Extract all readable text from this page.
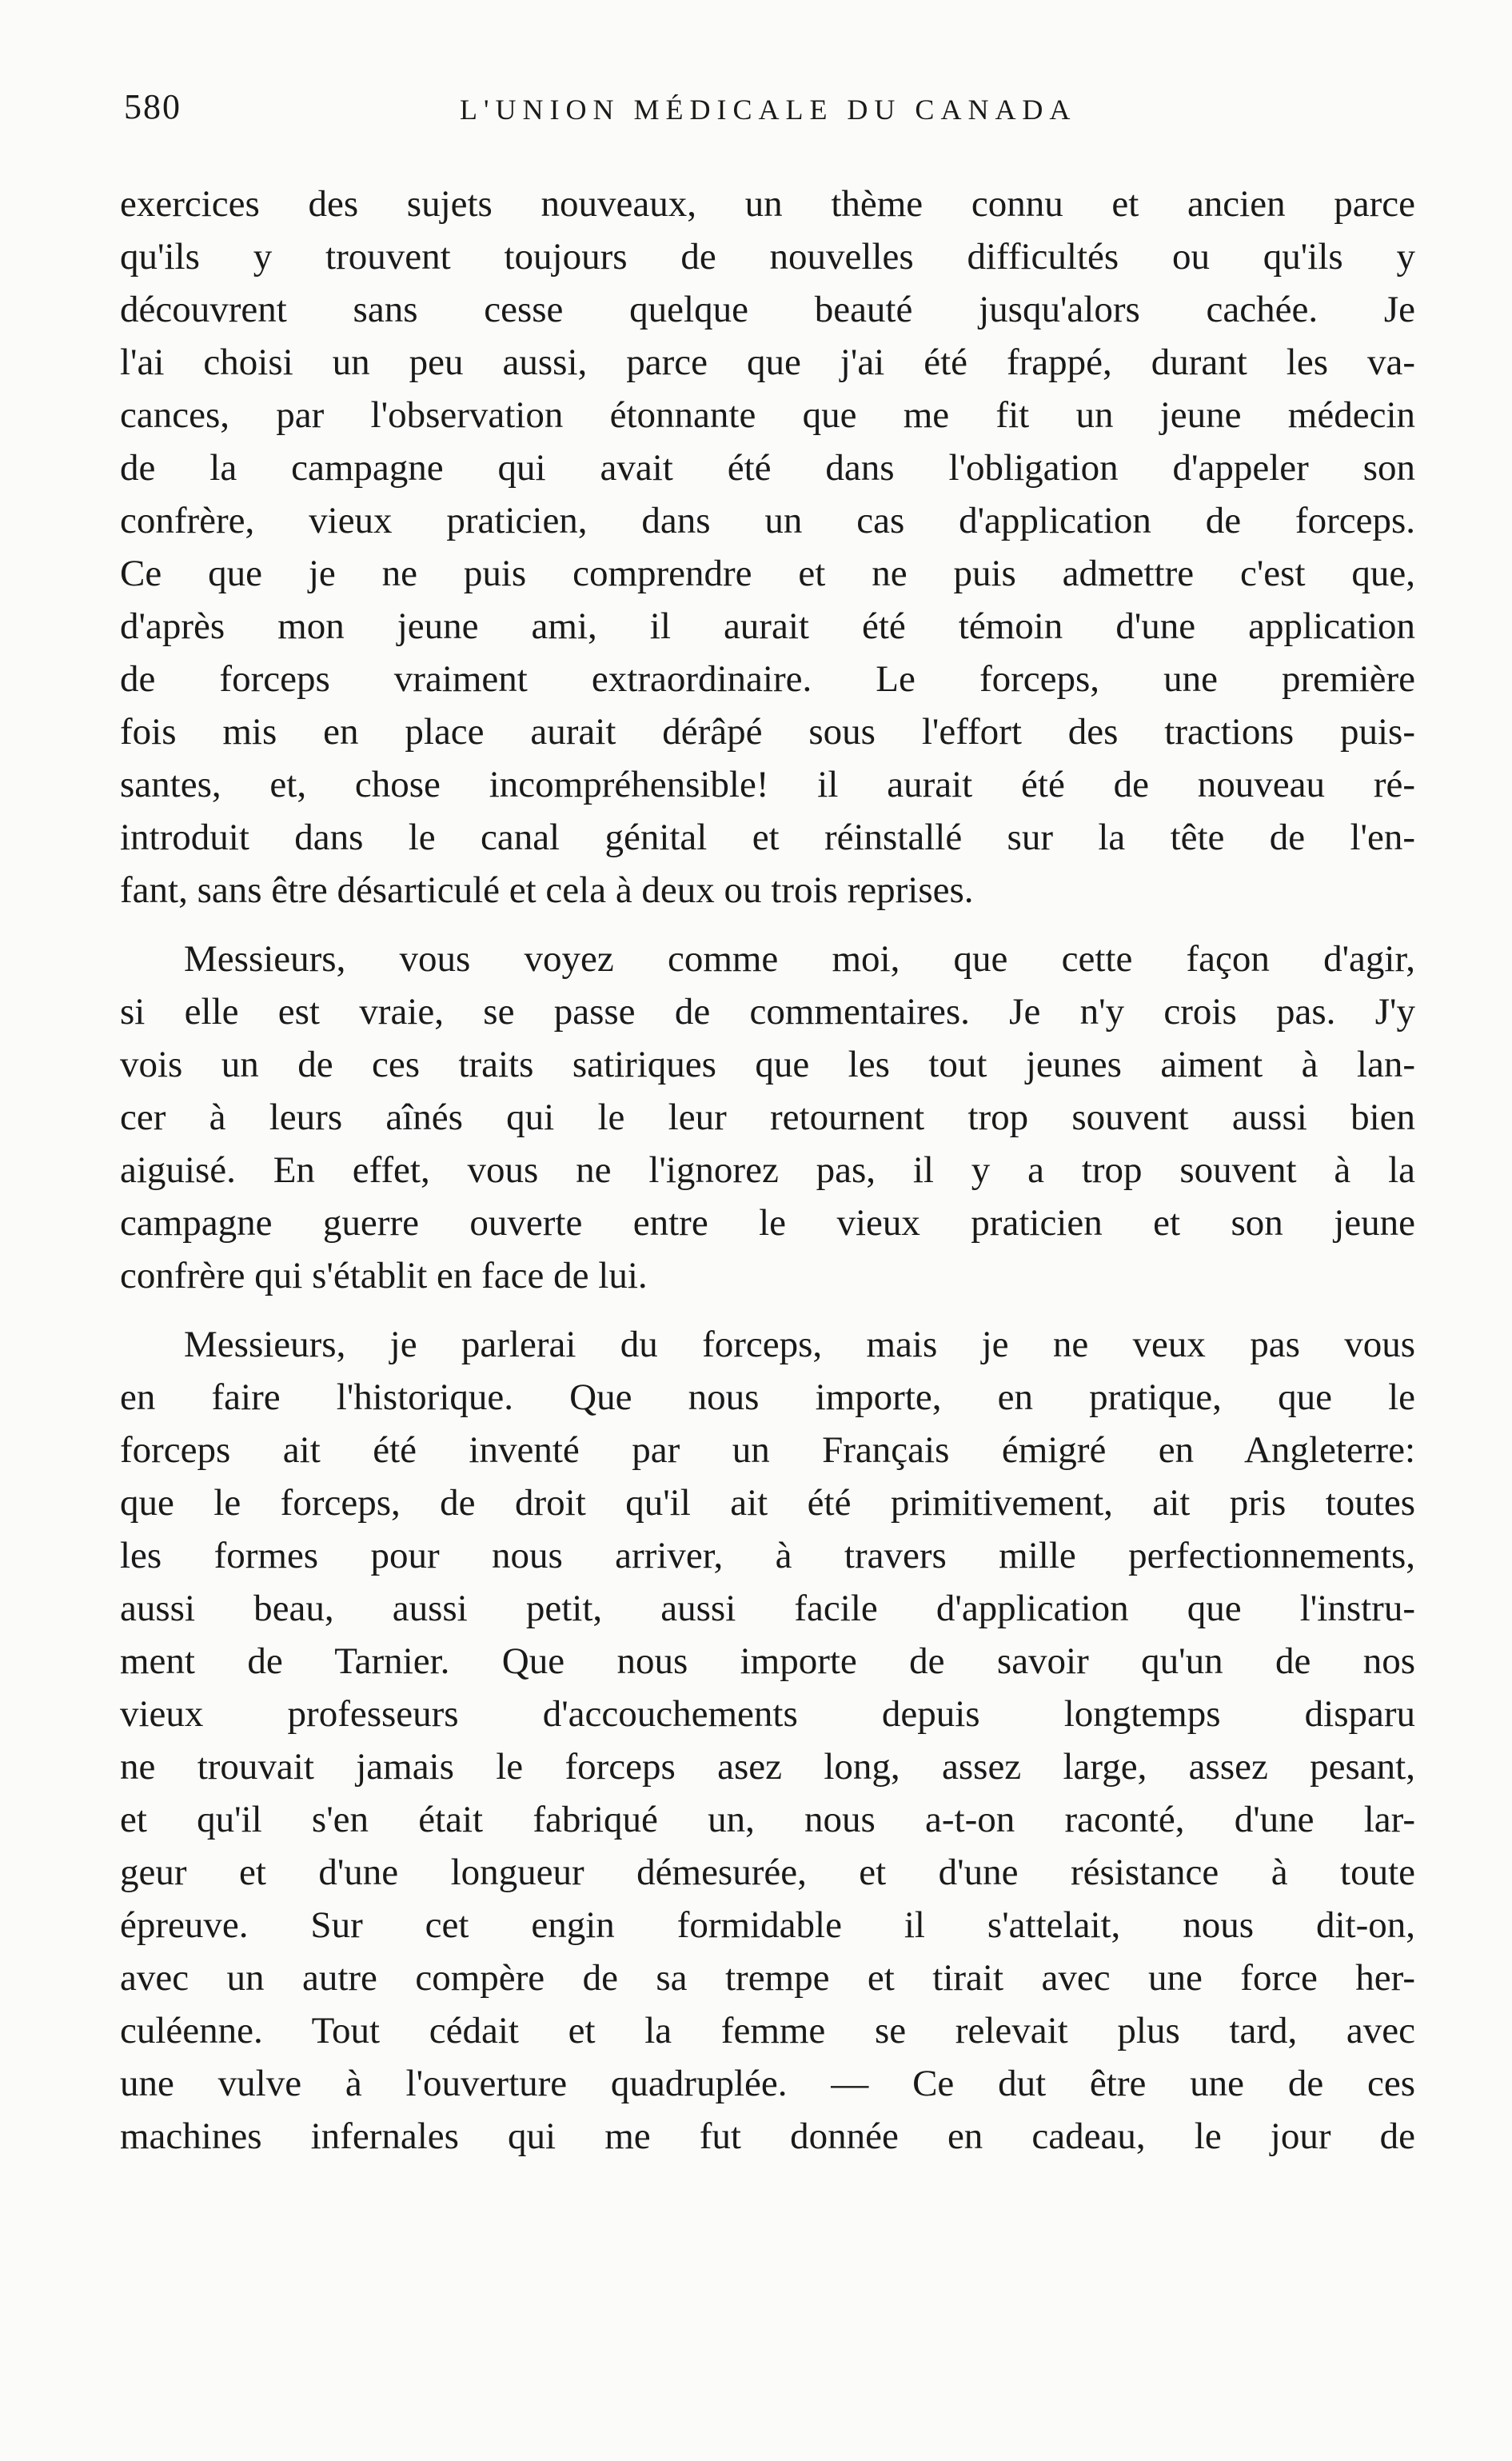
580	L'UNION MÉDICALE DU CANADA
exercices des sujets nouveaux, un thème connu et ancien parce
qu'ils y trouvent toujours de nouvelles difficultés ou qu'ils y
découvrent sans cesse quelque beauté jusqu'alors cachée. Je
l'ai choisi un peu aussi, parce que j'ai été frappé, durant les va-
cances, par l'observation étonnante que me fit un jeune médecin
de la campagne qui avait été dans l'obligation d'appeler son
confrère, vieux praticien, dans un cas d'application de forceps.
Ce que je ne puis comprendre et ne puis admettre c'est que,
d'après mon jeune ami, il aurait été témoin d'une application
de forceps vraiment extraordinaire. Le forceps, une première
fois mis en place aurait dérâpé sous l'effort des tractions puis-
santes, et, chose incompréhensible! il aurait été de nouveau ré-
introduit dans le canal génital et réinstallé sur la tête de l'en-
fant, sans être désarticulé et cela à deux ou trois reprises.
Messieurs, vous voyez comme moi, que cette façon d'agir,
si elle est vraie, se passe de commentaires. Je n'y crois pas. J'y
vois un de ces traits satiriques que les tout jeunes aiment à lan-
cer à leurs aînés qui le leur retournent trop souvent aussi bien
aiguisé. En effet, vous ne l'ignorez pas, il y a trop souvent à la
campagne guerre ouverte entre le vieux praticien et son jeune
confrère qui s'établit en face de lui.
Messieurs, je parlerai du forceps, mais je ne veux pas vous
en faire l'historique. Que nous importe, en pratique, que le
forceps ait été inventé par un Français émigré en Angleterre:
que le forceps, de droit qu'il ait été primitivement, ait pris toutes
les formes pour nous arriver, à travers mille perfectionnements,
aussi beau, aussi petit, aussi facile d'application que l'instru-
ment de Tarnier. Que nous importe de savoir qu'un de nos
vieux professeurs d'accouchements depuis longtemps disparu
ne trouvait jamais le forceps asez long, assez large, assez pesant,
et qu'il s'en était fabriqué un, nous a-t-on raconté, d'une lar-
geur et d'une longueur démesurée, et d'une résistance à toute
épreuve. Sur cet engin formidable il s'attelait, nous dit-on,
avec un autre compère de sa trempe et tirait avec une force her-
culéenne. Tout cédait et la femme se relevait plus tard, avec
une vulve à l'ouverture quadruplée. — Ce dut être une de ces
machines infernales qui me fut donnée en cadeau, le jour de
